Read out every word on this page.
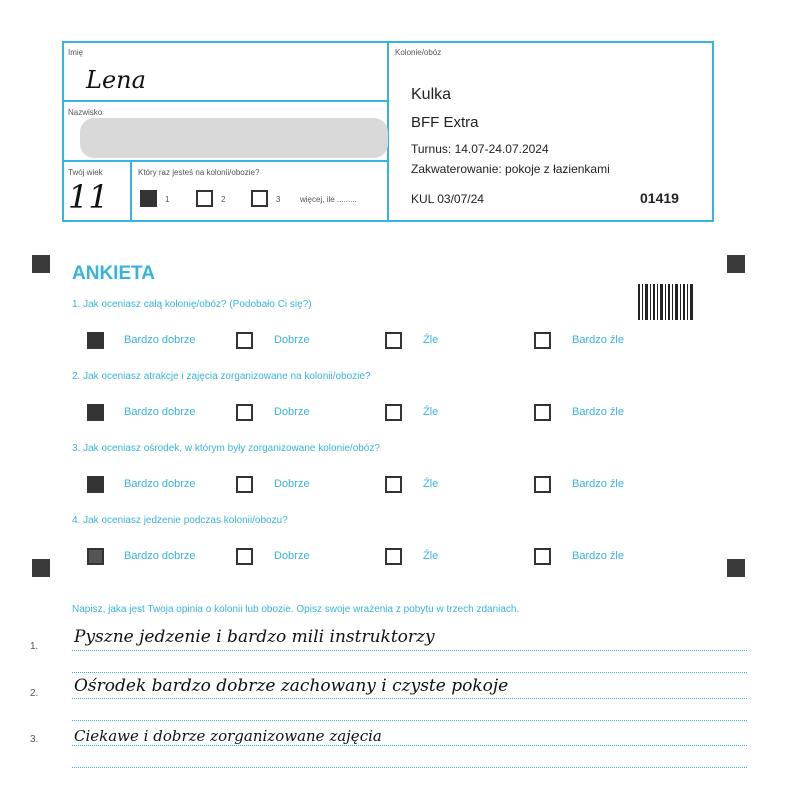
Imię
Lena
Nazwisko
Twój wiek
11
Który raz jesteś na kolonii/obozie?
1	2	3 więcej, ile .........
Kolonie/obóz
Kulka
BFF Extra
Turnus: 14.07-24.07.2024
Zakwaterowanie: pokoje z łazienkami
KUL 03/07/24	01419
ANKIETA
1. Jak oceniasz całą kolonię/obóz? (Podobało Ci się?)
Bardzo dobrze	Dobrze	Źle	Bardzo źle
2. Jak oceniasz atrakcje i zajęcia zorganizowane na kolonii/obozie?
Bardzo dobrze	Dobrze	Źle	Bardzo źle
3. Jak oceniasz ośrodek, w którym były zorganizowane kolonie/obóz?
Bardzo dobrze	Dobrze	Źle	Bardzo źle
4. Jak oceniasz jedzenie podczas kolonii/obozu?
Bardzo dobrze	Dobrze	Źle	Bardzo źle
Napisz, jaka jest Twoja opinia o kolonii lub obozie. Opisz swoje wrażenia z pobytu w trzech zdaniach.
1. Pyszne jedzenie i bardzo mili instruktorzy
2. Ośrodek bardzo dobrze zachowany i czyste pokoje
3. Ciekawe i dobrze zorganizowane zajęcia
